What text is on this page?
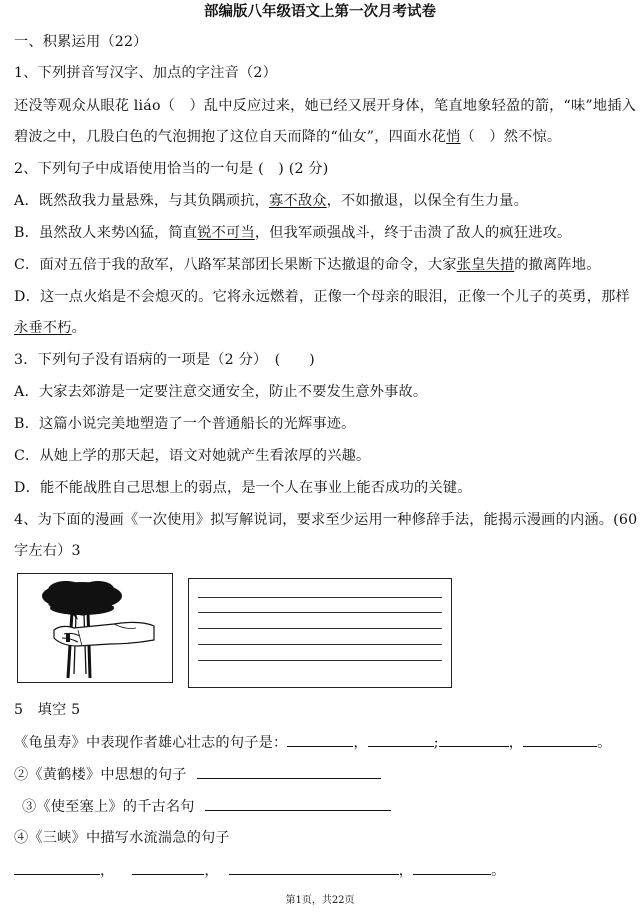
部编版八年级语文上第一次月考试卷
一、积累运用（22）
1、下列拼音写汉字、加点的字注音（2）
还没等观众从眼花 liáo（　）乱中反应过来，她已经又展开身体，笔直地象轻盈的箭，“味”地插入
碧波之中，几股白色的气泡拥抱了这位自天而降的“仙女”，四面水花悄（　）然不惊。
2、下列句子中成语使用恰当的一句是 (　) (2 分)
A．既然敌我力量悬殊，与其负隅顽抗，寡不敌众，不如撤退，以保全有生力量。
B．虽然敌人来势凶猛，简直锐不可当，但我军顽强战斗，终于击溃了敌人的疯狂进攻。
C．面对五倍于我的敌军，八路军某部团长果断下达撤退的命令，大家张皇失措的撤离阵地。
D．这一点火焰是不会熄灭的。它将永远燃着，正像一个母亲的眼泪，正像一个儿子的英勇，那样
永垂不朽。
3．下列句子没有语病的一项是（2 分）　(　　)
A．大家去郊游是一定要注意交通安全，防止不要发生意外事故。
B．这篇小说完美地塑造了一个普通船长的光辉事迹。
C．从她上学的那天起，语文对她就产生看浓厚的兴趣。
D．能不能战胜自己思想上的弱点，是一个人在事业上能否成功的关键。
4、为下面的漫画《一次使用》拟写解说词，要求至少运用一种修辞手法，能揭示漫画的内涵。(60
字左右）3
5　填空 5
《龟虽寿》中表现作者雄心壮志的句子是：	，	;	，	。
②《黄鹤楼》中思想的句子
③《使至塞上》的千古名句
④《三峡》中描写水流湍急的句子
，	，	，	。
第1页，共22页
